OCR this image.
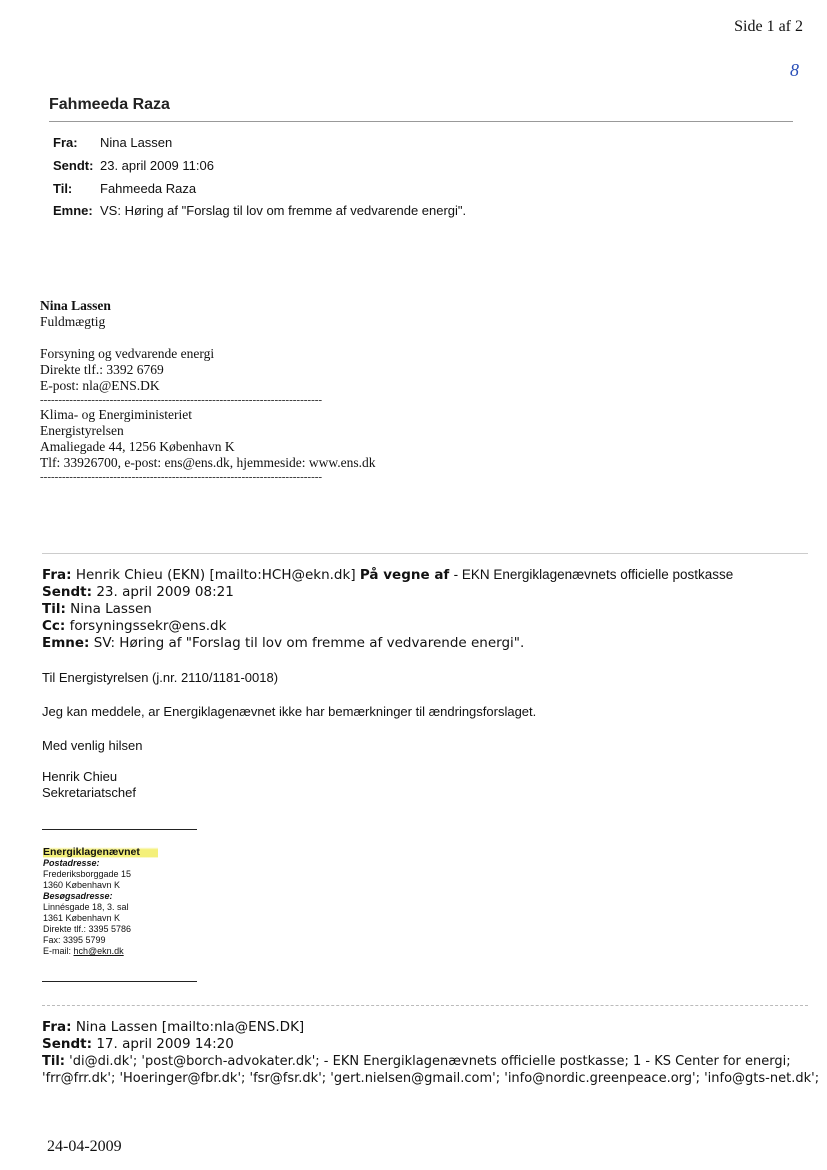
Side 1 af 2
8
Fahmeeda Raza
Fra: Nina Lassen
Sendt: 23. april 2009 11:06
Til: Fahmeeda Raza
Emne: VS: Høring af "Forslag til lov om fremme af vedvarende energi".
Nina Lassen
Fuldmægtig
Forsyning og vedvarende energi
Direkte tlf.: 3392 6769
E-post: nla@ENS.DK
-----------------------------------------------------------------------------
Klima- og Energiministeriet
Energistyrelsen
Amaliegade 44, 1256 København K
Tlf: 33926700, e-post: ens@ens.dk, hjemmeside: www.ens.dk
-----------------------------------------------------------------------------
Fra: Henrik Chieu (EKN) [mailto:HCH@ekn.dk] På vegne af - EKN Energiklagenævnets officielle postkasse
Sendt: 23. april 2009 08:21
Til: Nina Lassen
Cc: forsyningssekr@ens.dk
Emne: SV: Høring af "Forslag til lov om fremme af vedvarende energi".
Til Energistyrelsen (j.nr. 2110/1181-0018)
Jeg kan meddele, ar Energiklagenævnet ikke har bemærkninger til ændringsforslaget.
Med venlig hilsen
Henrik Chieu
Sekretariatschef
Energiklagenævnet
Postadresse:
Frederiksborggade 15
1360 København K
Besøgsadresse:
Linnésgade 18, 3. sal
1361 København K
Direkte tlf.: 3395 5786
Fax: 3395 5799
E-mail: hch@ekn.dk
Fra: Nina Lassen [mailto:nla@ENS.DK]
Sendt: 17. april 2009 14:20
Til: 'di@di.dk'; 'post@borch-advokater.dk'; - EKN Energiklagenævnets officielle postkasse; 1 - KS Center for energi;
'frr@frr.dk'; 'Hoeringer@fbr.dk'; 'fsr@fsr.dk'; 'gert.nielsen@gmail.com'; 'info@nordic.greenpeace.org'; 'info@gts-net.dk';
24-04-2009
